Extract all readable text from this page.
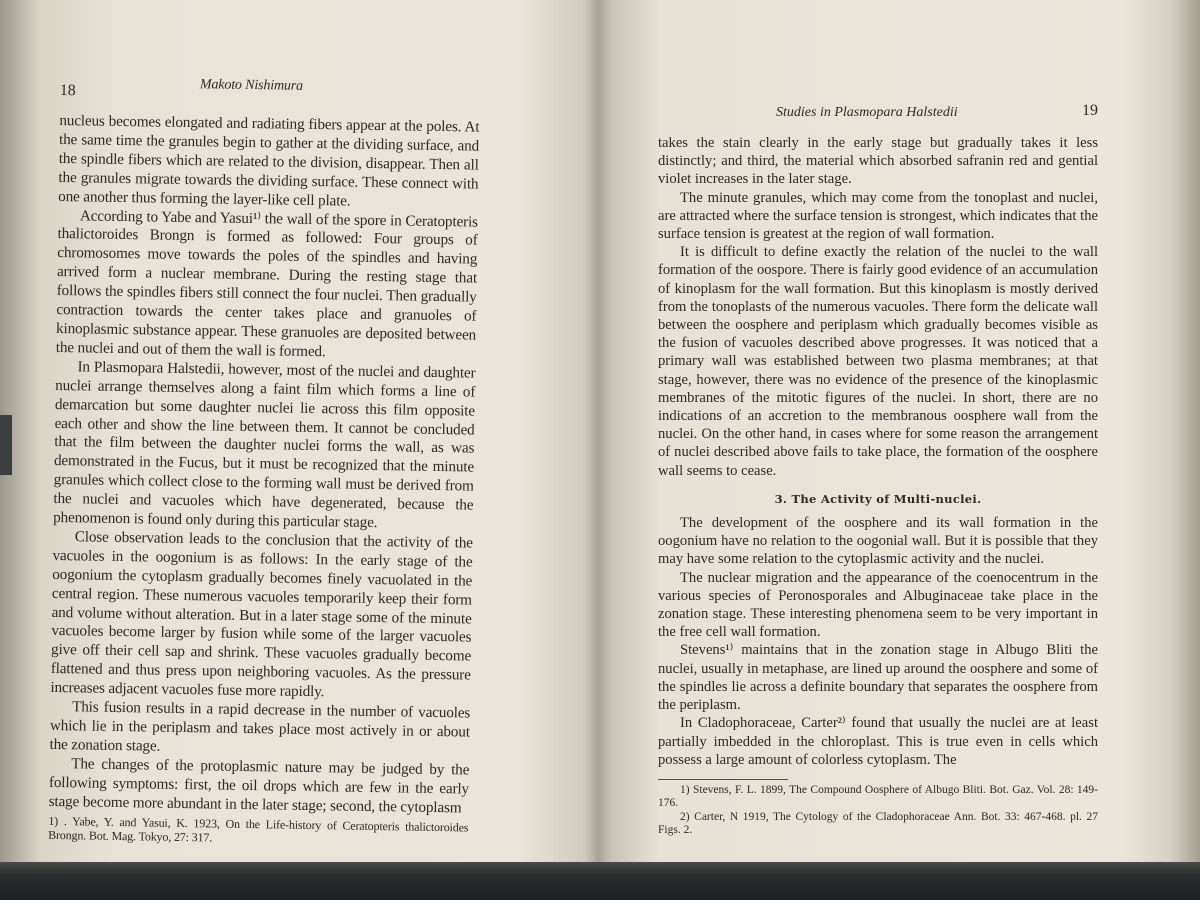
18	Makoto Nishimura

nucleus becomes elongated and radiating fibers appear at the poles. At the same time the granules begin to gather at the dividing surface, and the spindle fibers which are related to the division, disappear. Then all the granules migrate towards the dividing surface. These connect with one another thus forming the layer-like cell plate.

According to Yabe and Yasui¹⁾ the wall of the spore in Ceratopteris thalictoroides Brongn is formed as followed: Four groups of chromosomes move towards the poles of the spindles and having arrived form a nuclear membrane. During the resting stage that follows the spindles fibers still connect the four nuclei. Then gradually contraction towards the center takes place and granuoles of kinoplasmic substance appear. These granuoles are deposited between the nuclei and out of them the wall is formed.

In Plasmopara Halstedii, however, most of the nuclei and daughter nuclei arrange themselves along a faint film which forms a line of demarcation but some daughter nuclei lie across this film opposite each other and show the line between them. It cannot be concluded that the film between the daughter nuclei forms the wall, as was demonstrated in the Fucus, but it must be recognized that the minute granules which collect close to the forming wall must be derived from the nuclei and vacuoles which have degenerated, because the phenomenon is found only during this particular stage.

Close observation leads to the conclusion that the activity of the vacuoles in the oogonium is as follows: In the early stage of the oogonium the cytoplasm gradually becomes finely vacuolated in the central region. These numerous vacuoles temporarily keep their form and volume without alteration. But in a later stage some of the minute vacuoles become larger by fusion while some of the larger vacuoles give off their cell sap and shrink. These vacuoles gradually become flattened and thus press upon neighboring vacuoles. As the pressure increases adjacent vacuoles fuse more rapidly.

This fusion results in a rapid decrease in the number of vacuoles which lie in the periplasm and takes place most actively in or about the zonation stage.

The changes of the protoplasmic nature may be judged by the following symptoms: first, the oil drops which are few in the early stage become more abundant in the later stage; second, the cytoplasm

1) . Yabe, Y. and Yasui, K. 1923, On the Life-history of Ceratopteris thalictoroides Brongn. Bot. Mag. Tokyo, 27: 317.

Studies in Plasmopara Halstedii	19

takes the stain clearly in the early stage but gradually takes it less distinctly; and third, the material which absorbed safranin red and gential violet increases in the later stage.

The minute granules, which may come from the tonoplast and nuclei, are attracted where the surface tension is strongest, which indicates that the surface tension is greatest at the region of wall formation.

It is difficult to define exactly the relation of the nuclei to the wall formation of the oospore. There is fairly good evidence of an accumulation of kinoplasm for the wall formation. But this kinoplasm is mostly derived from the tonoplasts of the numerous vacuoles. There form the delicate wall between the oosphere and periplasm which gradually becomes visible as the fusion of vacuoles described above progresses. It was noticed that a primary wall was established between two plasma membranes; at that stage, however, there was no evidence of the presence of the kinoplasmic membranes of the mitotic figures of the nuclei. In short, there are no indications of an accretion to the membranous oosphere wall from the nuclei. On the other hand, in cases where for some reason the arrangement of nuclei described above fails to take place, the formation of the oosphere wall seems to cease.

3. The Activity of Multi-nuclei.

The development of the oosphere and its wall formation in the oogonium have no relation to the oogonial wall. But it is possible that they may have some relation to the cytoplasmic activity and the nuclei.

The nuclear migration and the appearance of the coenocentrum in the various species of Peronosporales and Albuginaceae take place in the zonation stage. These interesting phenomena seem to be very important in the free cell wall formation.

Stevens¹⁾ maintains that in the zonation stage in Albugo Bliti the nuclei, usually in metaphase, are lined up around the oosphere and some of the spindles lie across a definite boundary that separates the oosphere from the periplasm.

In Cladophoraceae, Carter²⁾ found that usually the nuclei are at least partially imbedded in the chloroplast. This is true even in cells which possess a large amount of colorless cytoplasm. The

1) Stevens, F. L. 1899, The Compound Oosphere of Albugo Bliti. Bot. Gaz. Vol. 28: 149-176.

2) Carter, N 1919, The Cytology of the Cladophoraceae Ann. Bot. 33: 467-468. pl. 27 Figs. 2.
